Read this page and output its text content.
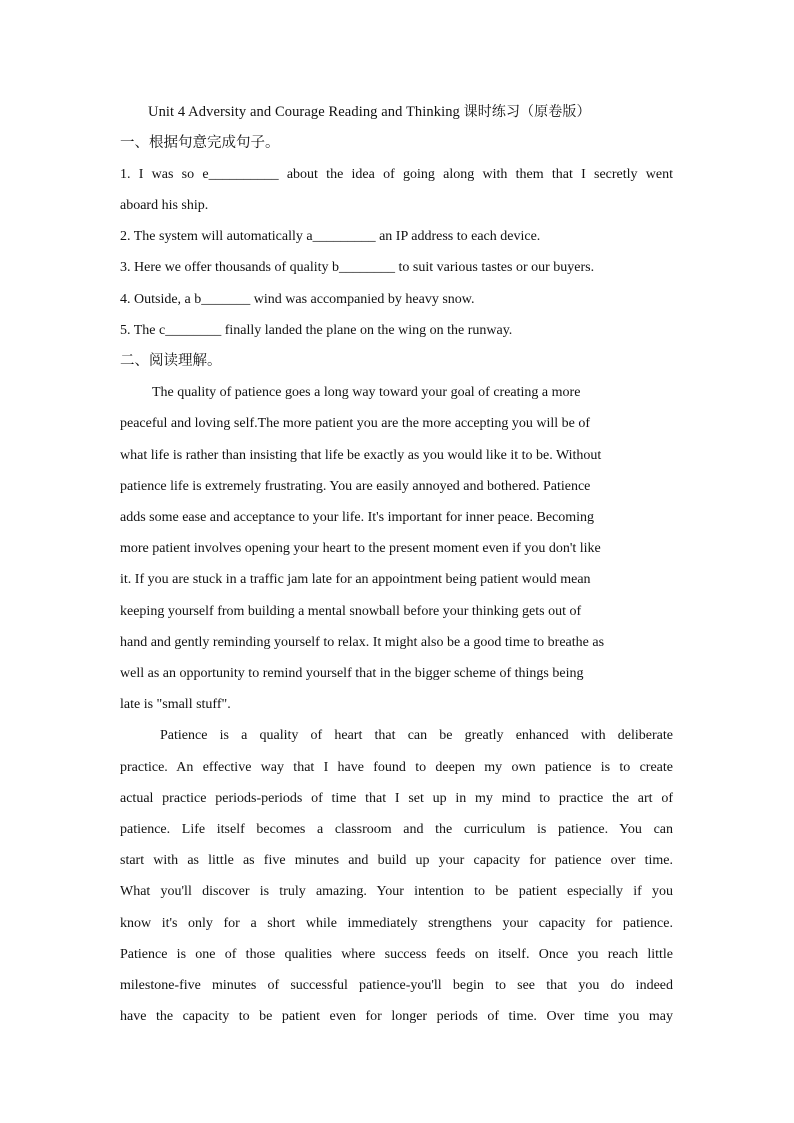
Unit 4 Adversity and Courage Reading and Thinking 课时练习（原卷版）
一、根据句意完成句子。
1. I was so e__________ about the idea of going along with them that I secretly went
aboard his ship.
2. The system will automatically a_________ an IP address to each device.
3. Here we offer thousands of quality b________ to suit various tastes or our buyers.
4. Outside, a b_______ wind was accompanied by heavy snow.
5. The c________ finally landed the plane on the wing on the runway.
二、阅读理解。
The quality of patience goes a long way toward your goal of creating a more
peaceful and loving self.The more patient you are the more accepting you will be of
what life is rather than insisting that life be exactly as you would like it to be. Without
patience life is extremely frustrating. You are easily annoyed and bothered. Patience
adds some ease and acceptance to your life. It's important for inner peace. Becoming
more patient involves opening your heart to the present moment even if you don't like
it. If you are stuck in a traffic jam late for an appointment being patient would mean
keeping yourself from building a mental snowball before your thinking gets out of
hand and gently reminding yourself to relax. It might also be a good time to breathe as
well as an opportunity to remind yourself that in the bigger scheme of things being
late is "small stuff".
Patience is a quality of heart that can be greatly enhanced with deliberate
practice. An effective way that I have found to deepen my own patience is to create
actual practice periods-periods of time that I set up in my mind to practice the art of
patience. Life itself becomes a classroom and the curriculum is patience. You can
start with as little as five minutes and build up your capacity for patience over time.
What you'll discover is truly amazing. Your intention to be patient especially if you
know it's only for a short while immediately strengthens your capacity for patience.
Patience is one of those qualities where success feeds on itself. Once you reach little
milestone-five minutes of successful patience-you'll begin to see that you do indeed
have the capacity to be patient even for longer periods of time. Over time you may
